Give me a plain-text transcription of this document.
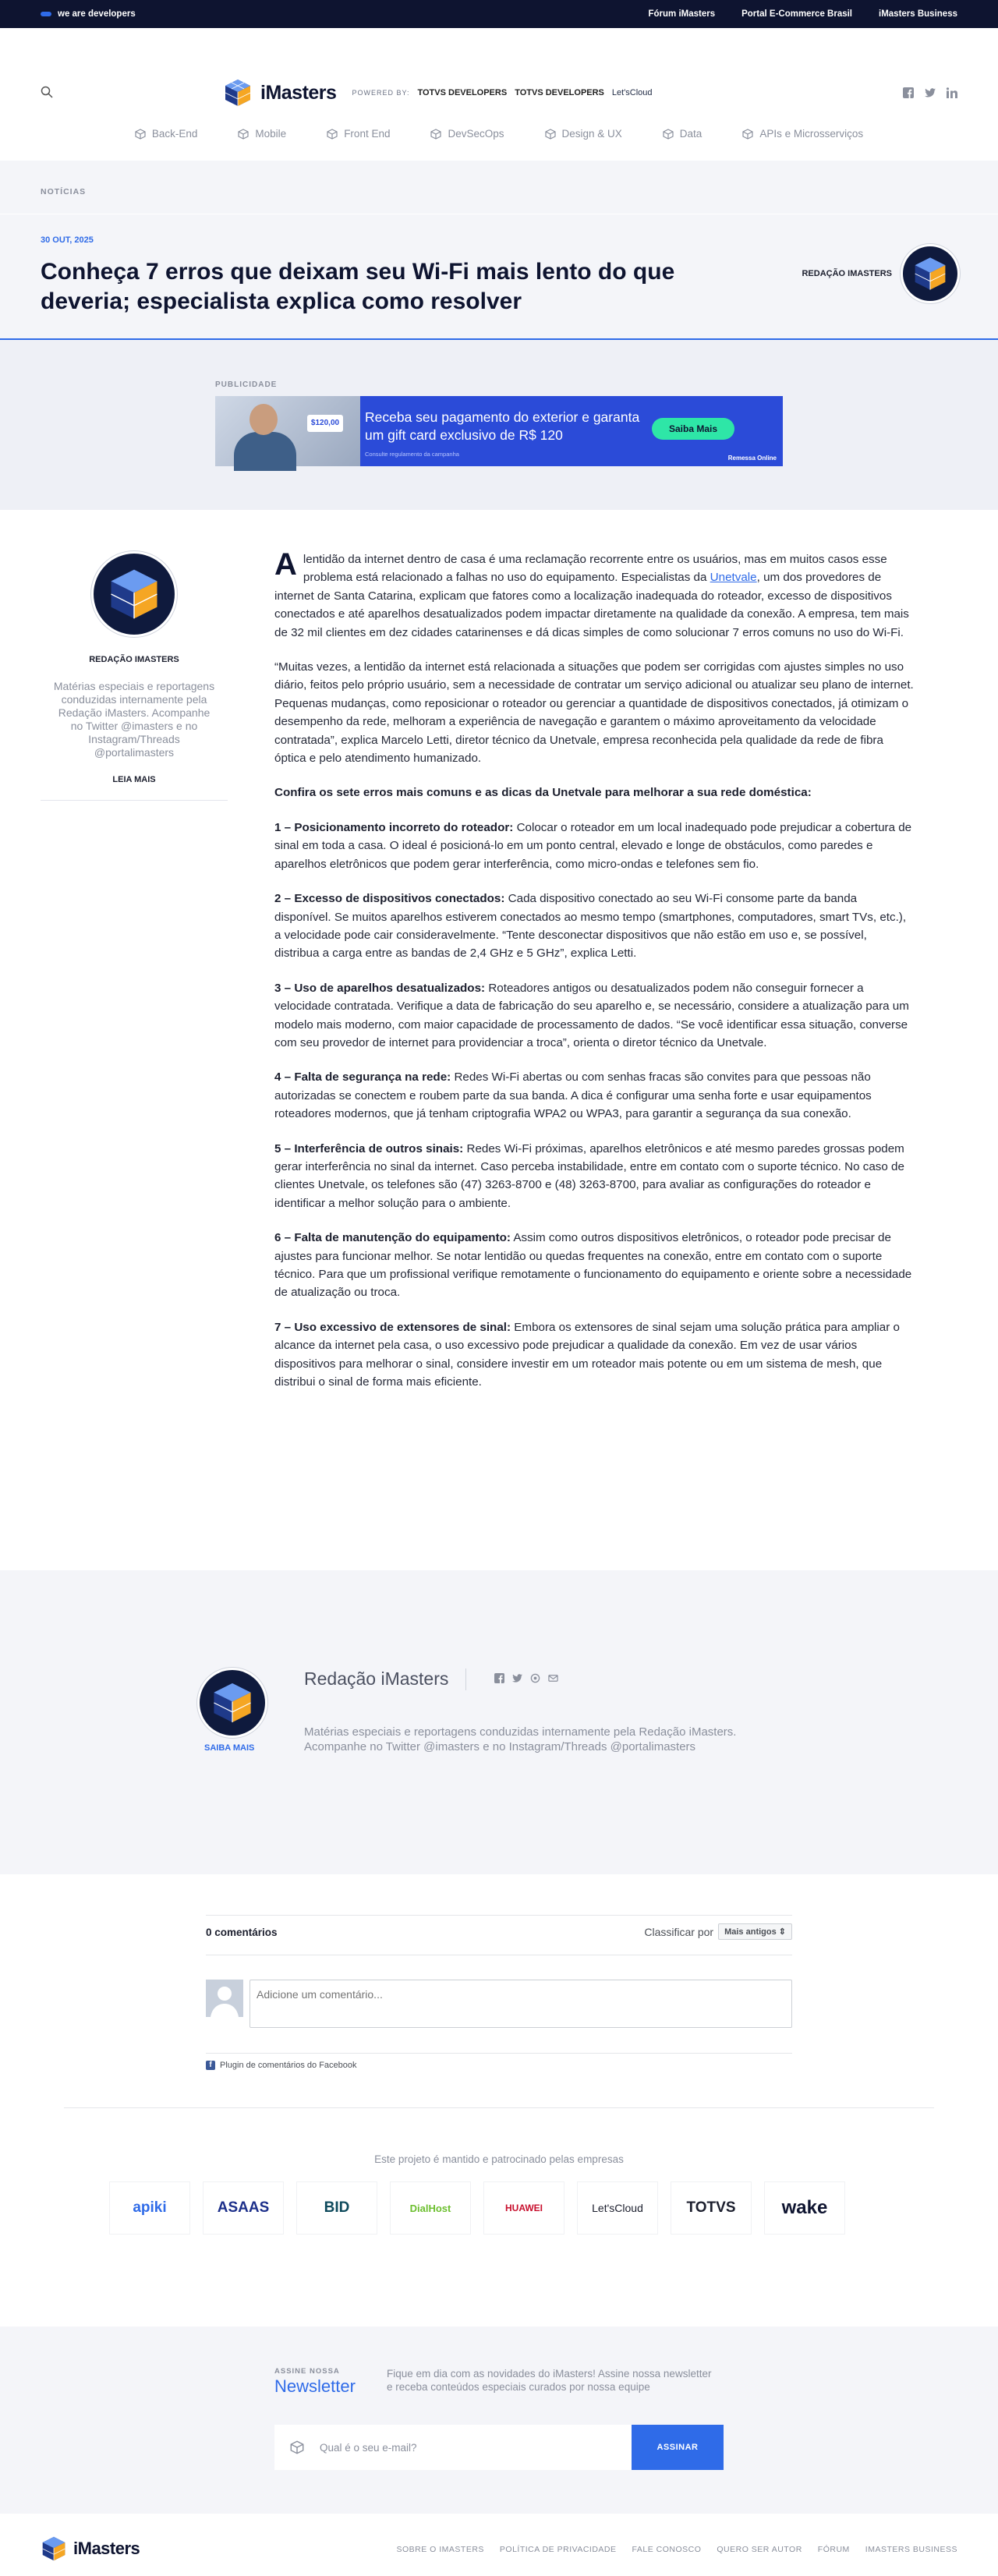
we are developers	Fórum iMasters	Portal E-Commerce Brasil	iMasters Business
iMasters POWERED BY: TOTVS DEVELOPERS TOTVS DEVELOPERS Let'sCloud
Back-End	Mobile	Front End	DevSecOps	Design & UX	Data	APIs e Microsserviços
NOTÍCIAS
30 OUT, 2025
Conheça 7 erros que deixam seu Wi-Fi mais lento do que deveria; especialista explica como resolver
REDAÇÃO IMASTERS
PUBLICIDADE
$120,00 Receba seu pagamento do exterior e garanta um gift card exclusivo de R$ 120
Consulte regulamento da campanha
Saiba Mais
Remessa Online
REDAÇÃO IMASTERS
Matérias especiais e reportagens conduzidas internamente pela Redação iMasters. Acompanhe no Twitter @imasters e no Instagram/Threads @portalimasters
LEIA MAIS

Alentidão da internet dentro de casa é uma reclamação recorrente entre os usuários, mas em muitos casos esse problema está relacionado a falhas no uso do equipamento. Especialistas da Unetvale, um dos provedores de internet de Santa Catarina, explicam que fatores como a localização inadequada do roteador, excesso de dispositivos conectados e até aparelhos desatualizados podem impactar diretamente na qualidade da conexão. A empresa, tem mais de 32 mil clientes em dez cidades catarinenses e dá dicas simples de como solucionar 7 erros comuns no uso do Wi-Fi.

“Muitas vezes, a lentidão da internet está relacionada a situações que podem ser corrigidas com ajustes simples no uso diário, feitos pelo próprio usuário, sem a necessidade de contratar um serviço adicional ou atualizar seu plano de internet. Pequenas mudanças, como reposicionar o roteador ou gerenciar a quantidade de dispositivos conectados, já otimizam o desempenho da rede, melhoram a experiência de navegação e garantem o máximo aproveitamento da velocidade contratada”, explica Marcelo Letti, diretor técnico da Unetvale, empresa reconhecida pela qualidade da rede de fibra óptica e pelo atendimento humanizado.

Confira os sete erros mais comuns e as dicas da Unetvale para melhorar a sua rede doméstica:

1 – Posicionamento incorreto do roteador: Colocar o roteador em um local inadequado pode prejudicar a cobertura de sinal em toda a casa. O ideal é posicioná-lo em um ponto central, elevado e longe de obstáculos, como paredes e aparelhos eletrônicos que podem gerar interferência, como micro-ondas e telefones sem fio.

2 – Excesso de dispositivos conectados: Cada dispositivo conectado ao seu Wi-Fi consome parte da banda disponível. Se muitos aparelhos estiverem conectados ao mesmo tempo (smartphones, computadores, smart TVs, etc.), a velocidade pode cair consideravelmente. “Tente desconectar dispositivos que não estão em uso e, se possível, distribua a carga entre as bandas de 2,4 GHz e 5 GHz”, explica Letti.

3 – Uso de aparelhos desatualizados: Roteadores antigos ou desatualizados podem não conseguir fornecer a velocidade contratada. Verifique a data de fabricação do seu aparelho e, se necessário, considere a atualização para um modelo mais moderno, com maior capacidade de processamento de dados. “Se você identificar essa situação, converse com seu provedor de internet para providenciar a troca”, orienta o diretor técnico da Unetvale.

4 – Falta de segurança na rede: Redes Wi-Fi abertas ou com senhas fracas são convites para que pessoas não autorizadas se conectem e roubem parte da sua banda. A dica é configurar uma senha forte e usar equipamentos roteadores modernos, que já tenham criptografia WPA2 ou WPA3, para garantir a segurança da sua conexão.

5 – Interferência de outros sinais: Redes Wi-Fi próximas, aparelhos eletrônicos e até mesmo paredes grossas podem gerar interferência no sinal da internet. Caso perceba instabilidade, entre em contato com o suporte técnico. No caso de clientes Unetvale, os telefones são (47) 3263-8700 e (48) 3263-8700, para avaliar as configurações do roteador e identificar a melhor solução para o ambiente.

6 – Falta de manutenção do equipamento: Assim como outros dispositivos eletrônicos, o roteador pode precisar de ajustes para funcionar melhor. Se notar lentidão ou quedas frequentes na conexão, entre em contato com o suporte técnico. Para que um profissional verifique remotamente o funcionamento do equipamento e oriente sobre a necessidade de atualização ou troca.

7 – Uso excessivo de extensores de sinal: Embora os extensores de sinal sejam uma solução prática para ampliar o alcance da internet pela casa, o uso excessivo pode prejudicar a qualidade da conexão. Em vez de usar vários dispositivos para melhorar o sinal, considere investir em um roteador mais potente ou em um sistema de mesh, que distribui o sinal de forma mais eficiente.

SAIBA MAIS
Redação iMasters
Matérias especiais e reportagens conduzidas internamente pela Redação iMasters. Acompanhe no Twitter @imasters e no Instagram/Threads @portalimasters
0 comentários	Classificar por	Mais antigos ⇕
Adicione um comentário...
f Plugin de comentários do Facebook
Este projeto é mantido e patrocinado pelas empresas
apiki	ASAAS	BID	DialHost	HUAWEI	Let'sCloud	TOTVS wake
ASSINE NOSSA
Newsletter
Fique em dia com as novidades do iMasters! Assine nossa newsletter e receba conteúdos especiais curados por nossa equipe
Qual é o seu e-mail?	ASSINAR
iMasters	SOBRE O IMASTERS POLÍTICA DE PRIVACIDADE FALE CONOSCO QUERO SER AUTOR FÓRUM IMASTERS BUSINESS
